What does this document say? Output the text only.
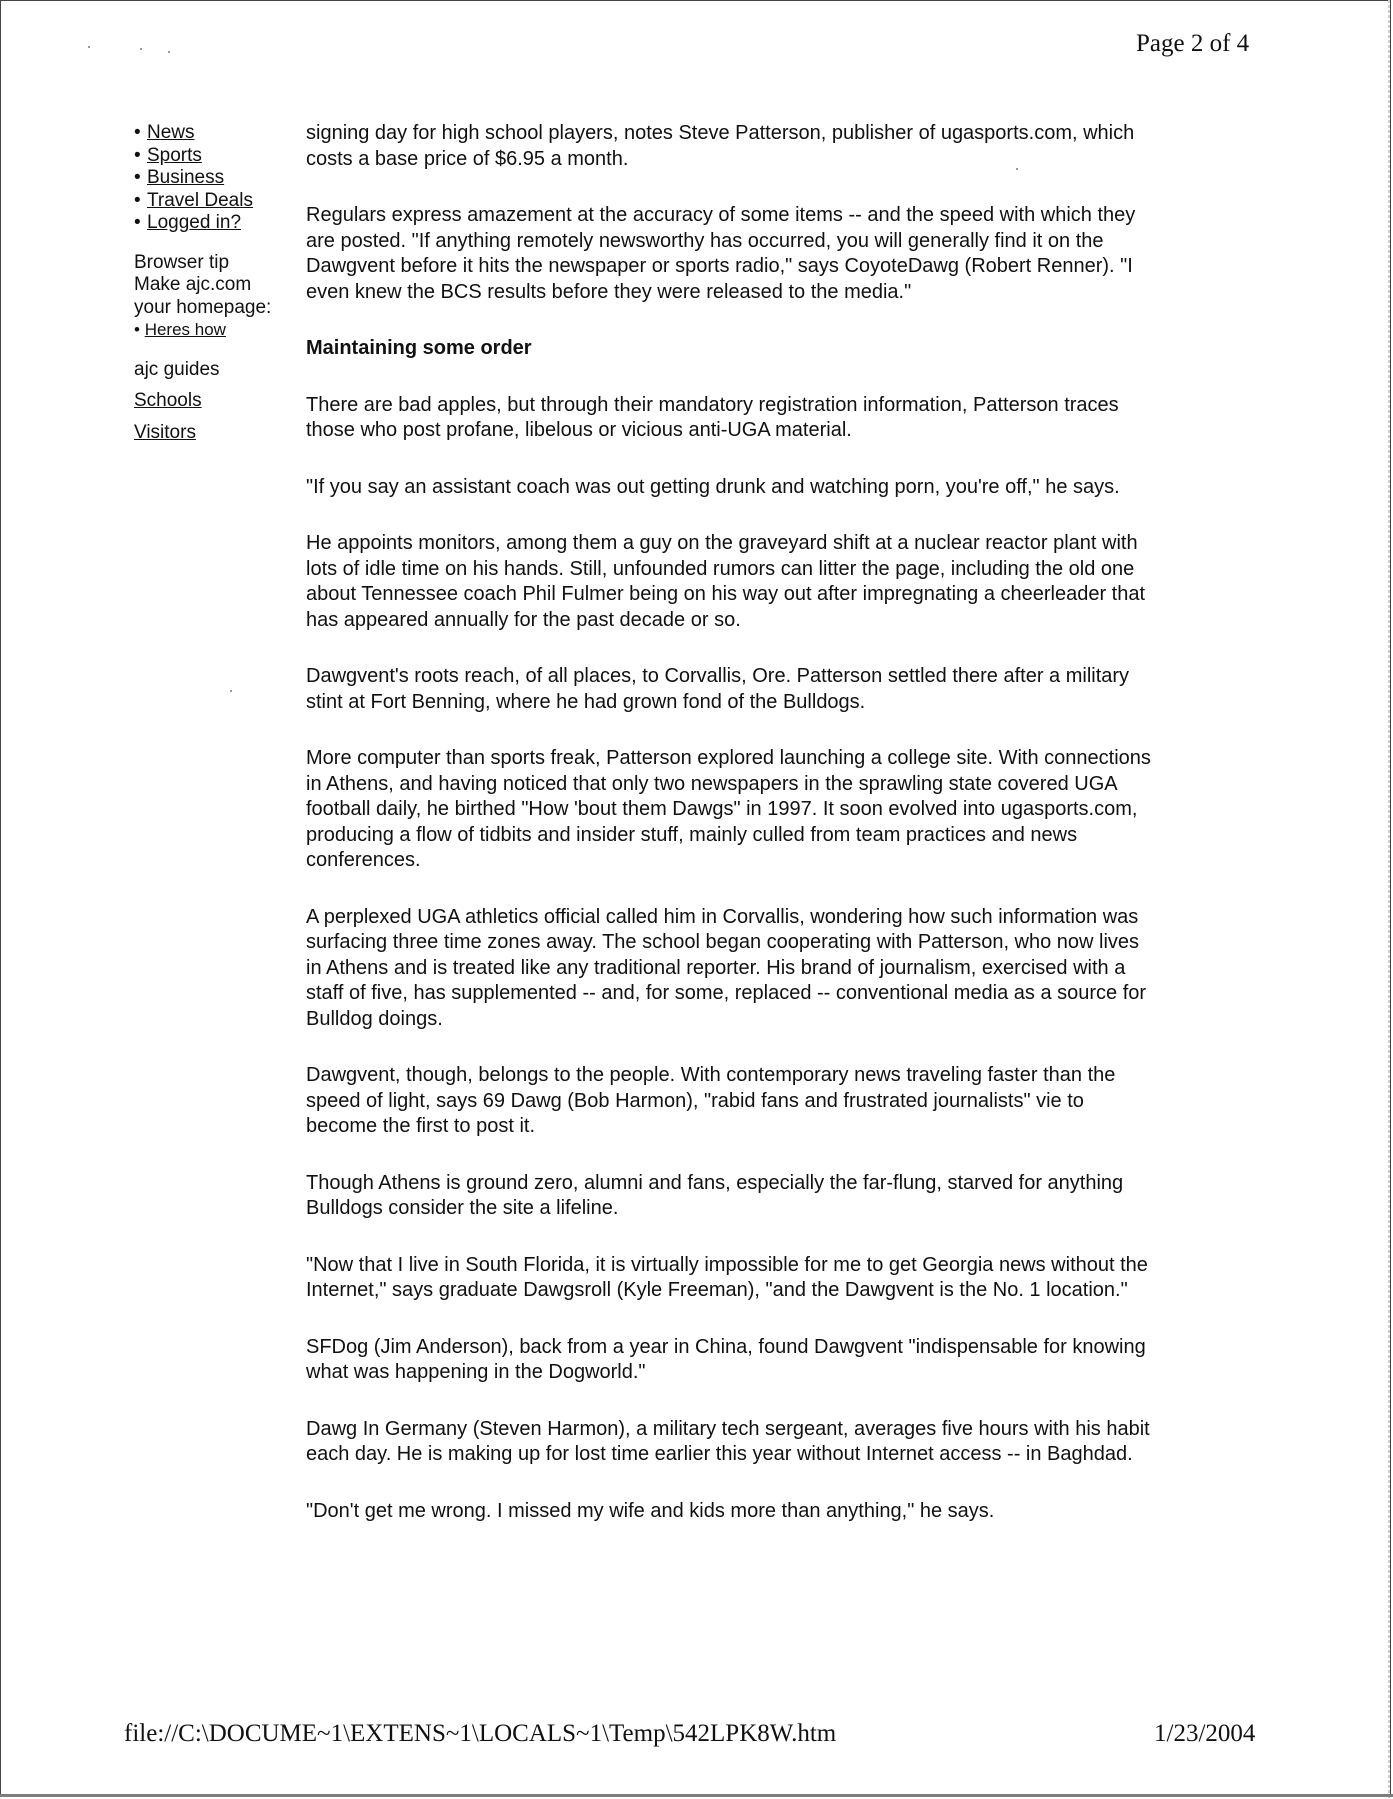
Page 2 of 4
• News
• Sports
• Business
• Travel Deals
• Logged in?
Browser tip
Make ajc.com
your homepage:
• Heres how
ajc guides
Schools
Visitors

signing day for high school players, notes Steve Patterson, publisher of ugasports.com, which costs a base price of $6.95 a month.

Regulars express amazement at the accuracy of some items -- and the speed with which they are posted. "If anything remotely newsworthy has occurred, you will generally find it on the Dawgvent before it hits the newspaper or sports radio," says CoyoteDawg (Robert Renner). "I even knew the BCS results before they were released to the media."

Maintaining some order

There are bad apples, but through their mandatory registration information, Patterson traces those who post profane, libelous or vicious anti-UGA material.

"If you say an assistant coach was out getting drunk and watching porn, you're off," he says.

He appoints monitors, among them a guy on the graveyard shift at a nuclear reactor plant with lots of idle time on his hands. Still, unfounded rumors can litter the page, including the old one about Tennessee coach Phil Fulmer being on his way out after impregnating a cheerleader that has appeared annually for the past decade or so.

Dawgvent's roots reach, of all places, to Corvallis, Ore. Patterson settled there after a military stint at Fort Benning, where he had grown fond of the Bulldogs.

More computer than sports freak, Patterson explored launching a college site. With connections in Athens, and having noticed that only two newspapers in the sprawling state covered UGA football daily, he birthed "How 'bout them Dawgs" in 1997. It soon evolved into ugasports.com, producing a flow of tidbits and insider stuff, mainly culled from team practices and news conferences.

A perplexed UGA athletics official called him in Corvallis, wondering how such information was surfacing three time zones away. The school began cooperating with Patterson, who now lives in Athens and is treated like any traditional reporter. His brand of journalism, exercised with a staff of five, has supplemented -- and, for some, replaced -- conventional media as a source for Bulldog doings.

Dawgvent, though, belongs to the people. With contemporary news traveling faster than the speed of light, says 69 Dawg (Bob Harmon), "rabid fans and frustrated journalists" vie to become the first to post it.

Though Athens is ground zero, alumni and fans, especially the far-flung, starved for anything Bulldogs consider the site a lifeline.

"Now that I live in South Florida, it is virtually impossible for me to get Georgia news without the Internet," says graduate Dawgsroll (Kyle Freeman), "and the Dawgvent is the No. 1 location."

SFDog (Jim Anderson), back from a year in China, found Dawgvent "indispensable for knowing what was happening in the Dogworld."

Dawg In Germany (Steven Harmon), a military tech sergeant, averages five hours with his habit each day. He is making up for lost time earlier this year without Internet access -- in Baghdad.

"Don't get me wrong. I missed my wife and kids more than anything," he says.

file://C:\DOCUME~1\EXTENS~1\LOCALS~1\Temp\542LPK8W.htm	1/23/2004
